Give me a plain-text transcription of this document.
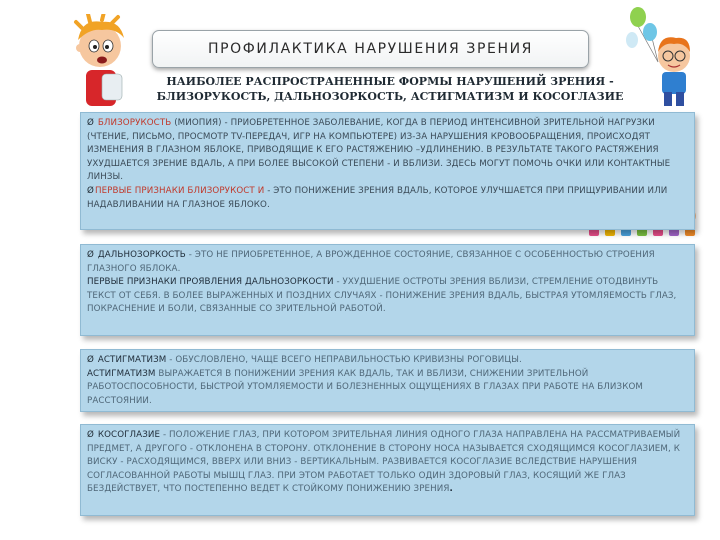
ПРОФИЛАКТИКА НАРУШЕНИЯ ЗРЕНИЯ
НАИБОЛЕЕ РАСПРОСТРАНЕННЫЕ ФОРМЫ НАРУШЕНИЙ ЗРЕНИЯ - БЛИЗОРУКОСТЬ, ДАЛЬНОЗОРКОСТЬ, АСТИГМАТИЗМ И КОСОГЛАЗИЕ

Ø БЛИЗОРУКОСТЬ (МИОПИЯ) - ПРИОБРЕТЕННОЕ ЗАБОЛЕВАНИЕ, КОГДА В ПЕРИОД ИНТЕНСИВНОЙ ЗРИТЕЛЬНОЙ НАГРУЗКИ (ЧТЕНИЕ, ПИСЬМО, ПРОСМОТР TV-ПЕРЕДАЧ, ИГР НА КОМПЬЮТЕРЕ) ИЗ-ЗА НАРУШЕНИЯ КРОВООБРАЩЕНИЯ, ПРОИСХОДЯТ ИЗМЕНЕНИЯ В ГЛАЗНОМ ЯБЛОКЕ, ПРИВОДЯЩИЕ К ЕГО РАСТЯЖЕНИЮ –УДЛИНЕНИЮ. В РЕЗУЛЬТАТЕ ТАКОГО РАСТЯЖЕНИЯ УХУДШАЕТСЯ ЗРЕНИЕ ВДАЛЬ, А ПРИ БОЛЕЕ ВЫСОКОЙ СТЕПЕНИ - И ВБЛИЗИ. ЗДЕСЬ МОГУТ ПОМОЧЬ ОЧКИ ИЛИ КОНТАКТНЫЕ ЛИНЗЫ.

ØПЕРВЫЕ ПРИЗНАКИ БЛИЗОРУКОСТ И - ЭТО ПОНИЖЕНИЕ ЗРЕНИЯ ВДАЛЬ, КОТОРОЕ УЛУЧШАЕТСЯ ПРИ ПРИЩУРИВАНИИ ИЛИ НАДАВЛИВАНИИ НА ГЛАЗНОЕ ЯБЛОКО.

Ø ДАЛЬНОЗОРКОСТЬ - ЭТО НЕ ПРИОБРЕТЕННОЕ, А ВРОЖДЕННОЕ СОСТОЯНИЕ, СВЯЗАННОЕ С ОСОБЕННОСТЬЮ СТРОЕНИЯ ГЛАЗНОГО ЯБЛОКА.

ПЕРВЫЕ ПРИЗНАКИ ПРОЯВЛЕНИЯ ДАЛЬНОЗОРКОСТИ - УХУДШЕНИЕ ОСТРОТЫ ЗРЕНИЯ ВБЛИЗИ, СТРЕМЛЕНИЕ ОТОДВИНУТЬ ТЕКСТ ОТ СЕБЯ. В БОЛЕЕ ВЫРАЖЕННЫХ И ПОЗДНИХ СЛУЧАЯХ - ПОНИЖЕНИЕ ЗРЕНИЯ ВДАЛЬ, БЫСТРАЯ УТОМЛЯЕМОСТЬ ГЛАЗ, ПОКРАСНЕНИЕ И БОЛИ, СВЯЗАННЫЕ СО ЗРИТЕЛЬНОЙ РАБОТОЙ.

Ø АСТИГМАТИЗМ - ОБУСЛОВЛЕНО, ЧАЩЕ ВСЕГО НЕПРАВИЛЬНОСТЬЮ КРИВИЗНЫ РОГОВИЦЫ.

АСТИГМАТИЗМ ВЫРАЖАЕТСЯ В ПОНИЖЕНИИ ЗРЕНИЯ КАК ВДАЛЬ, ТАК И ВБЛИЗИ, СНИЖЕНИИ ЗРИТЕЛЬНОЙ РАБОТОСПОСОБНОСТИ, БЫСТРОЙ УТОМЛЯЕМОСТИ И БОЛЕЗНЕННЫХ ОЩУЩЕНИЯХ В ГЛАЗАХ ПРИ РАБОТЕ НА БЛИЗКОМ РАССТОЯНИИ.

Ø КОСОГЛАЗИЕ - ПОЛОЖЕНИЕ ГЛАЗ, ПРИ КОТОРОМ ЗРИТЕЛЬНАЯ ЛИНИЯ ОДНОГО ГЛАЗА НАПРАВЛЕНА НА РАССМАТРИВАЕМЫЙ ПРЕДМЕТ, А ДРУГОГО - ОТКЛОНЕНА В СТОРОНУ. ОТКЛОНЕНИЕ В СТОРОНУ НОСА НАЗЫВАЕТСЯ СХОДЯЩИМСЯ КОСОГЛАЗИЕМ, К ВИСКУ - РАСХОДЯЩИМСЯ, ВВЕРХ ИЛИ ВНИЗ - ВЕРТИКАЛЬНЫМ. РАЗВИВАЕТСЯ КОСОГЛАЗИЕ ВСЛЕДСТВИЕ НАРУШЕНИЯ СОГЛАСОВАННОЙ РАБОТЫ МЫШЦ ГЛАЗ. ПРИ ЭТОМ РАБОТАЕТ ТОЛЬКО ОДИН ЗДОРОВЫЙ ГЛАЗ, КОСЯЩИЙ ЖЕ ГЛАЗ БЕЗДЕЙСТВУЕТ, ЧТО ПОСТЕПЕННО ВЕДЕТ К СТОЙКОМУ ПОНИЖЕНИЮ ЗРЕНИЯ.
